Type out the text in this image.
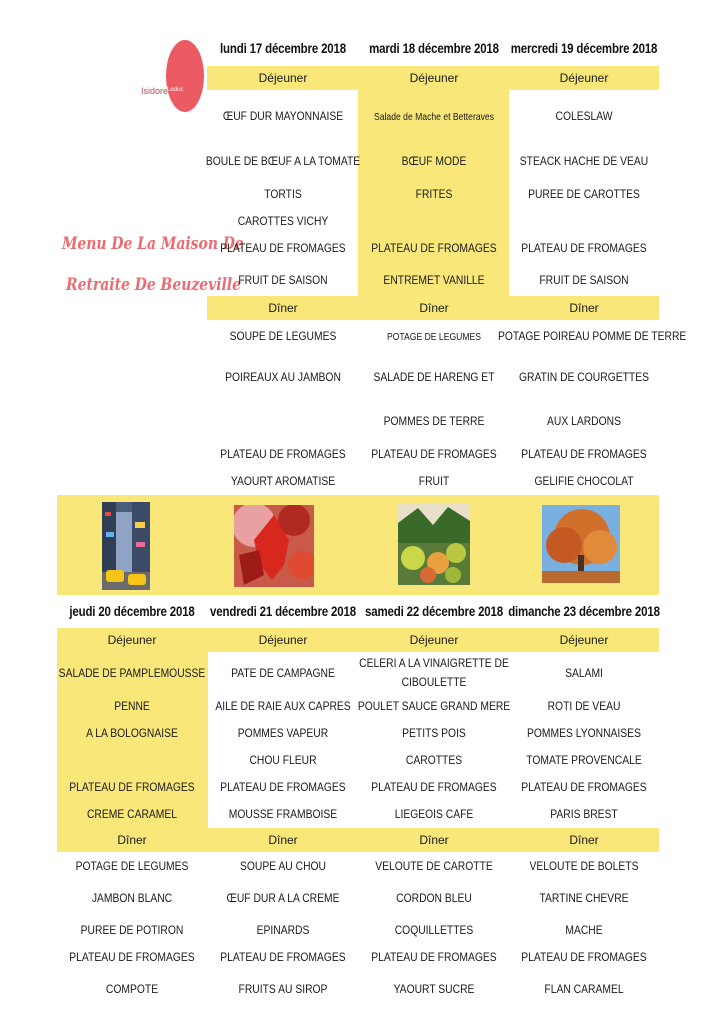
Isidore
Leduc
Menu De La Maison De
Retraite De Beuzeville
lundi 17 décembre 2018
Déjeuner
ŒUF DUR MAYONNAISE
BOULE DE BŒUF A LA TOMATE
TORTIS
CAROTTES VICHY
PLATEAU DE FROMAGES
FRUIT DE SAISON
Dîner
SOUPE DE LEGUMES
POIREAUX AU JAMBON
PLATEAU DE FROMAGES
YAOURT AROMATISE
mardi 18 décembre 2018
Déjeuner
Salade de Mache et Betteraves
BŒUF MODE
FRITES
PLATEAU DE FROMAGES
ENTREMET VANILLE
Dîner
POTAGE DE LEGUMES
SALADE DE HARENG ET
POMMES DE TERRE
PLATEAU DE FROMAGES
FRUIT
mercredi 19 décembre 2018
Déjeuner
COLESLAW
STEACK HACHE DE VEAU
PUREE DE CAROTTES
PLATEAU DE FROMAGES
FRUIT DE SAISON
Dîner
POTAGE POIREAU POMME DE TERRE
GRATIN DE COURGETTES
AUX LARDONS
PLATEAU DE FROMAGES
GELIFIE CHOCOLAT
jeudi 20 décembre 2018
Déjeuner
SALADE DE PAMPLEMOUSSE
PENNE
A LA BOLOGNAISE
PLATEAU DE FROMAGES
CREME CARAMEL
Dîner
POTAGE DE LEGUMES
JAMBON BLANC
PUREE DE POTIRON
PLATEAU DE FROMAGES
COMPOTE
vendredi 21 décembre 2018
Déjeuner
PATE DE CAMPAGNE
AILE DE RAIE AUX CAPRES
POMMES VAPEUR
CHOU FLEUR
PLATEAU DE FROMAGES
MOUSSE FRAMBOISE
Dîner
SOUPE AU CHOU
ŒUF DUR A LA CREME
EPINARDS
PLATEAU DE FROMAGES
FRUITS AU SIROP
samedi 22 décembre 2018
Déjeuner
CELERI A LA VINAIGRETTE DE
CIBOULETTE
POULET SAUCE GRAND MERE
PETITS POIS
CAROTTES
PLATEAU DE FROMAGES
LIEGEOIS CAFE
Dîner
VELOUTE DE CAROTTE
CORDON BLEU
COQUILLETTES
PLATEAU DE FROMAGES
YAOURT SUCRE
dimanche 23 décembre 2018
Déjeuner
SALAMI
ROTI DE VEAU
POMMES LYONNAISES
TOMATE PROVENCALE
PLATEAU DE FROMAGES
PARIS BREST
Dîner
VELOUTE DE BOLETS
TARTINE CHEVRE
MACHE
PLATEAU DE FROMAGES
FLAN CARAMEL
